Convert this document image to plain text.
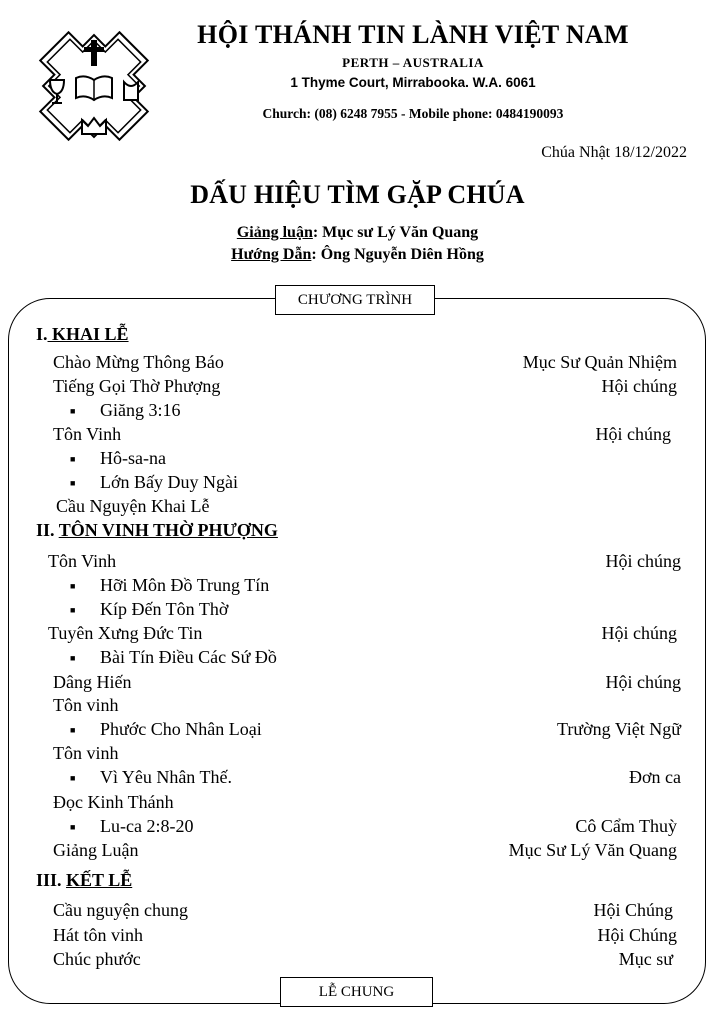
HỘI THÁNH TIN LÀNH VIỆT NAM
PERTH – AUSTRALIA
1 Thyme Court, Mirrabooka. W.A. 6061
Church: (08) 6248 7955 - Mobile phone: 0484190093
Chúa Nhật 18/12/2022
DẤU HIỆU TÌM GẶP CHÚA
Giảng luận: Mục sư Lý Văn Quang
Hướng Dẫn: Ông Nguyễn Diên Hồng
CHƯƠNG TRÌNH
LỄ CHUNG
I. KHAI LỄ
II. TÔN VINH THỜ PHƯỢNG
III. KẾT LỄ
Chào Mừng Thông Báo	Mục Sư Quản Nhiệm
Tiếng Gọi Thờ Phượng	Hội chúng
■ Giăng 3:16
Tôn Vinh	Hội chúng
■ Hô-sa-na
■ Lớn Bấy Duy Ngài
Cầu Nguyện Khai Lễ
Tôn Vinh	Hội chúng
■ Hỡi Môn Đồ Trung Tín
■ Kíp Đến Tôn Thờ
Tuyên Xưng Đức Tin	Hội chúng
■ Bài Tín Điều Các Sứ Đồ
Dâng Hiến	Hội chúng
Tôn vinh
■ Phước Cho Nhân Loại	Trường Việt Ngữ
Tôn vinh
■ Vì Yêu Nhân Thế.	Đơn ca
Đọc Kinh Thánh
■ Lu-ca 2:8-20	Cô Cẩm Thuỳ
Giảng Luận	Mục Sư Lý Văn Quang
Cầu nguyện chung	Hội Chúng
Hát tôn vinh	Hội Chúng
Chúc phước	Mục sư
